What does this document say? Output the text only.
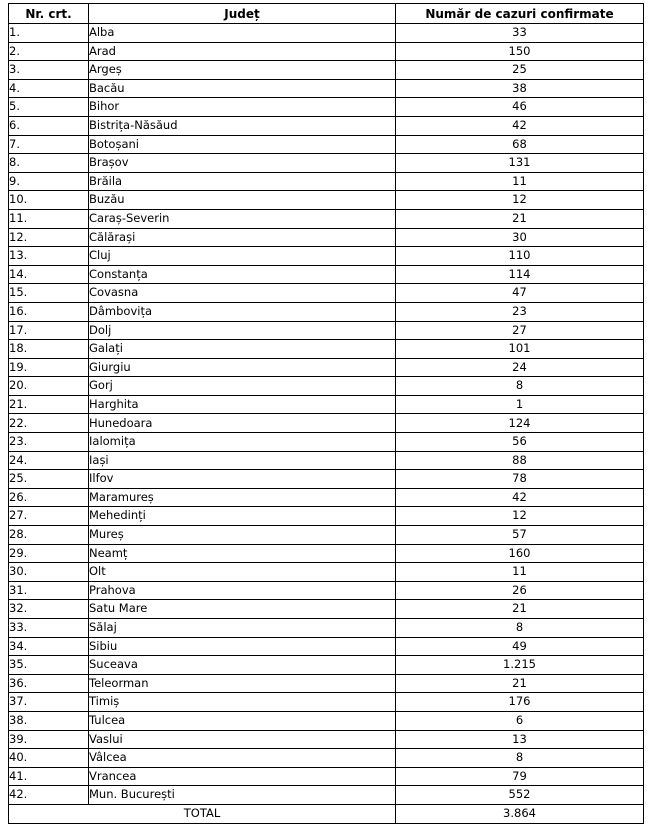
Nr. crt.	Județ	Număr de cazuri confirmate
1.	Alba	33
2.	Arad	150
3.	Argeș	25
4.	Bacău	38
5.	Bihor	46
6.	Bistrița-Năsăud	42
7.	Botoșani	68
8.	Brașov	131
9.	Brăila	11
10.	Buzău	12
11.	Caraș-Severin	21
12.	Călărași	30
13.	Cluj	110
14.	Constanța	114
15.	Covasna	47
16.	Dâmbovița	23
17.	Dolj	27
18.	Galați	101
19.	Giurgiu	24
20.	Gorj	8
21.	Harghita	1
22.	Hunedoara	124
23.	Ialomița	56
24.	Iași	88
25.	Ilfov	78
26.	Maramureș	42
27.	Mehedinți	12
28.	Mureș	57
29.	Neamț	160
30.	Olt	11
31.	Prahova	26
32.	Satu Mare	21
33.	Sălaj	8
34.	Sibiu	49
35.	Suceava	1.215
36.	Teleorman	21
37.	Timiș	176
38.	Tulcea	6
39.	Vaslui	13
40.	Vâlcea	8
41.	Vrancea	79
42.	Mun. București	552
TOTAL		3.864
